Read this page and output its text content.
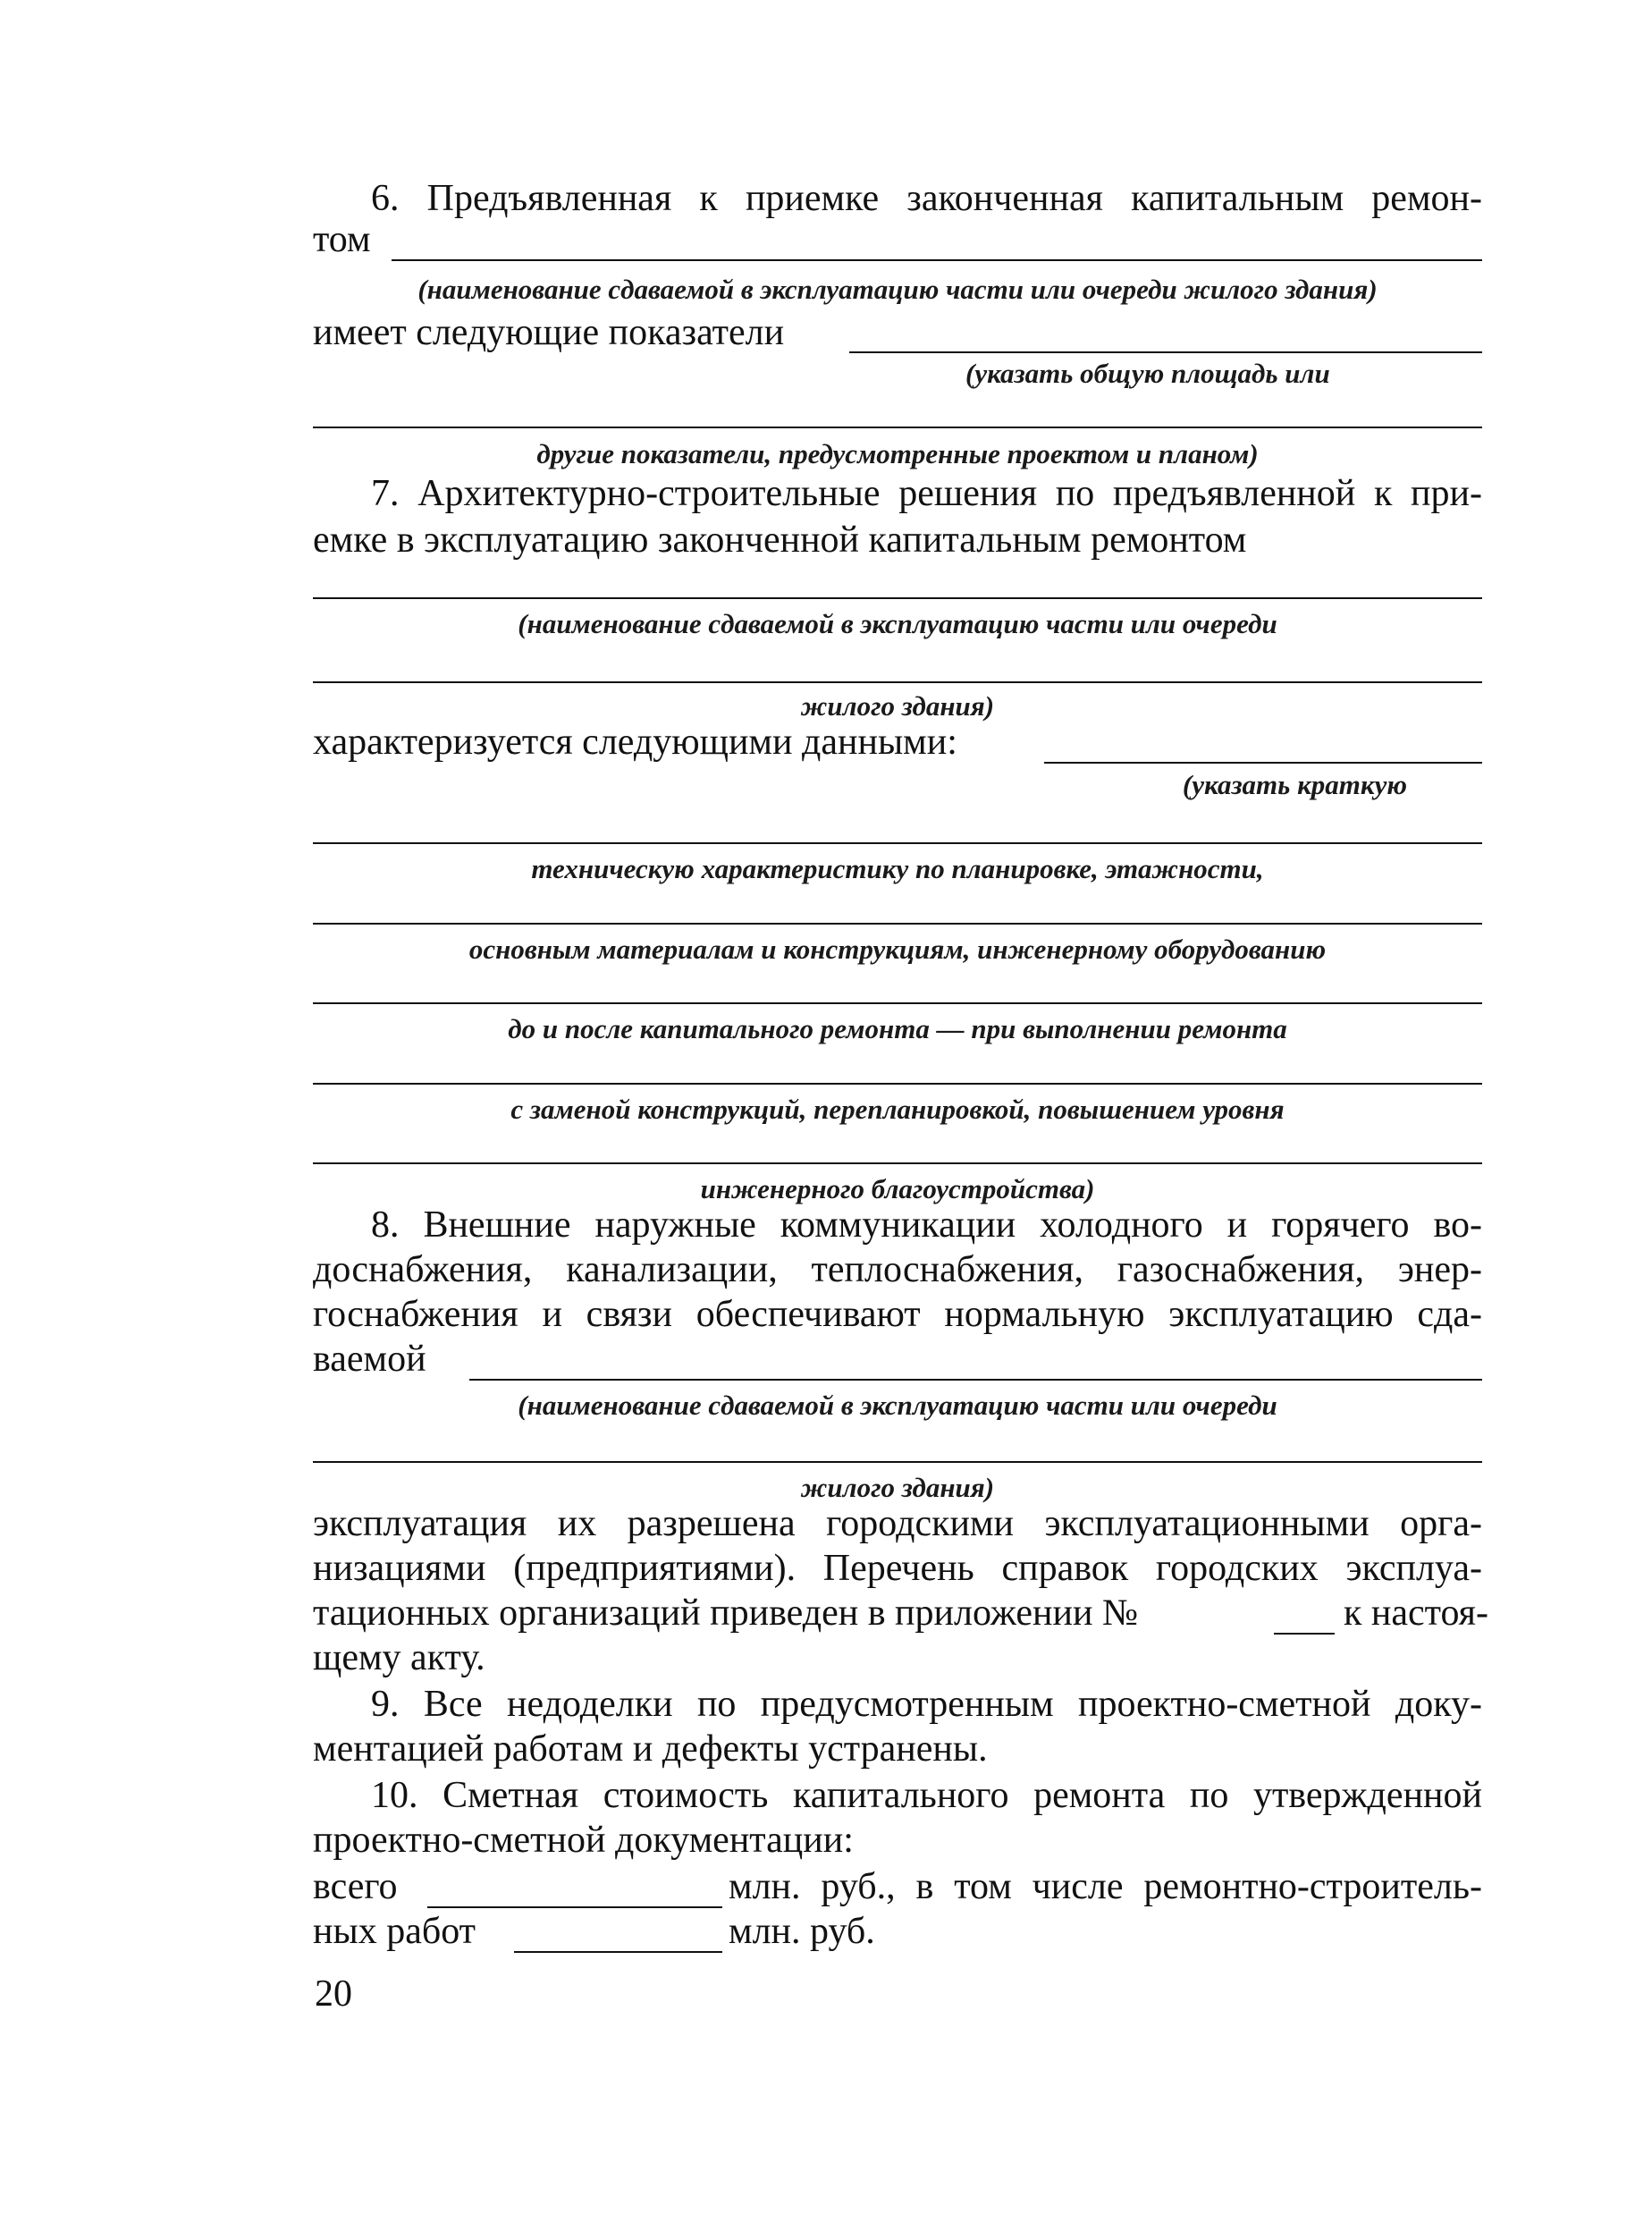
6. Предъявленная к приемке законченная капитальным ремон-
том
(наименование сдаваемой в эксплуатацию части или очереди жилого здания)
имеет следующие показатели
(указать общую площадь или
другие показатели, предусмотренные проектом и планом)
7. Архитектурно-строительные решения по предъявленной к при-
емке в эксплуатацию законченной капитальным ремонтом
(наименование сдаваемой в эксплуатацию части или очереди
жилого здания)
характеризуется следующими данными:
(указать краткую
техническую характеристику по планировке, этажности,
основным материалам и конструкциям, инженерному оборудованию
до и после капитального ремонта — при выполнении ремонта
с заменой конструкций, перепланировкой, повышением уровня
инженерного благоустройства)
8. Внешние наружные коммуникации холодного и горячего во-
доснабжения, канализации, теплоснабжения, газоснабжения, энер-
госнабжения и связи обеспечивают нормальную эксплуатацию сда-
ваемой
(наименование сдаваемой в эксплуатацию части или очереди
жилого здания)
эксплуатация их разрешена городскими эксплуатационными орга-
низациями (предприятиями). Перечень справок городских эксплуа-
тационных организаций приведен в приложении №	к настоя-
щему акту.
9. Все недоделки по предусмотренным проектно-сметной доку-
ментацией работам и дефекты устранены.
10. Сметная стоимость капитального ремонта по утвержденной
проектно-сметной документации:
всего	млн. руб., в том числе ремонтно-строитель-
ных работ	млн. руб.
20
